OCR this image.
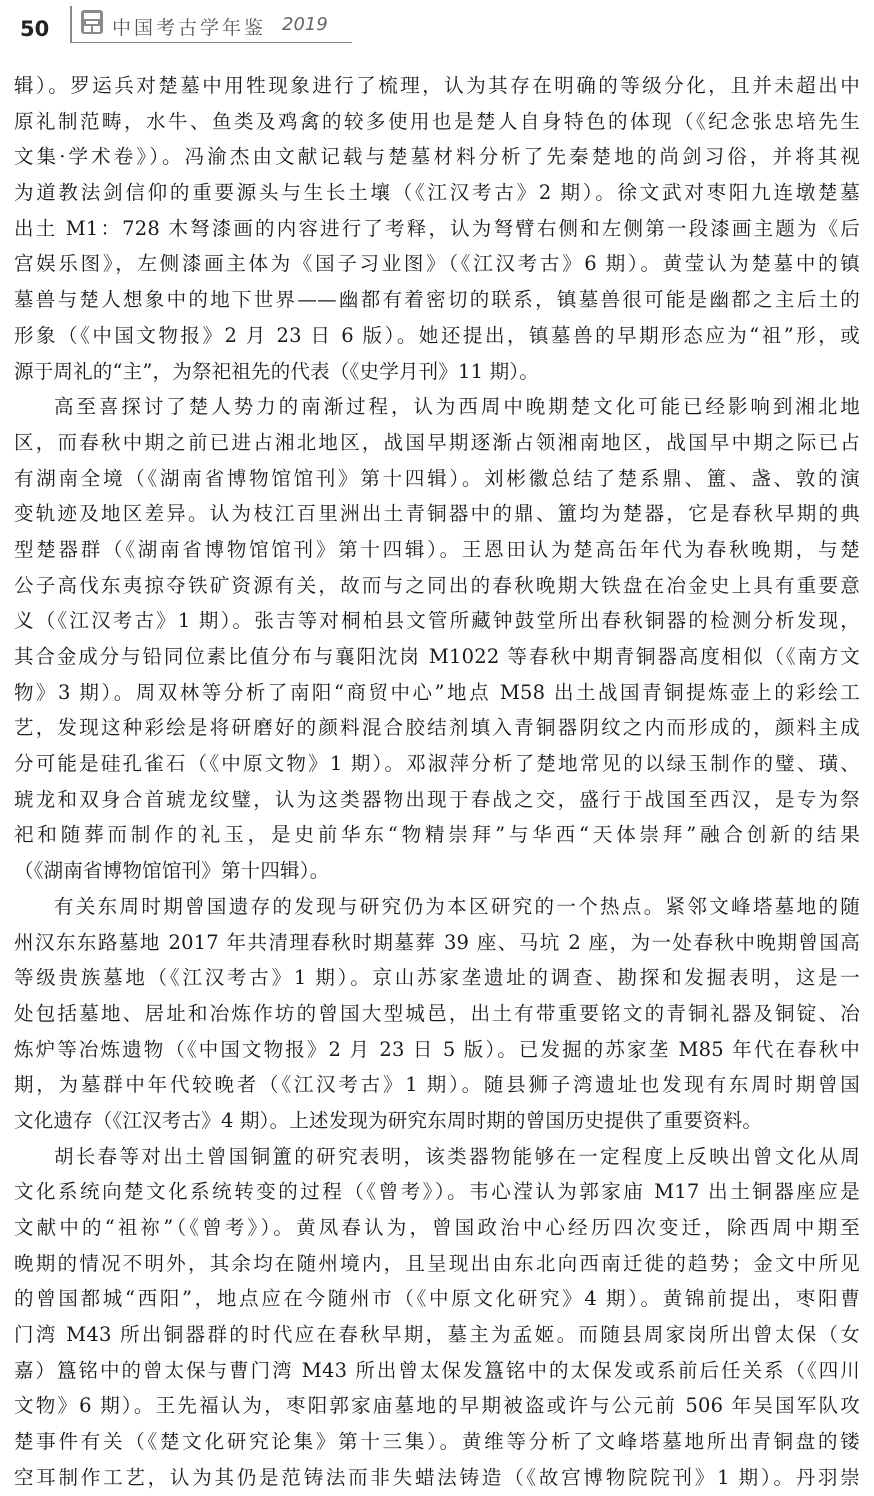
50	中国考古学年鉴 2019
辑）。罗运兵对楚墓中用牲现象进行了梳理，认为其存在明确的等级分化，且并未超出中
原礼制范畴，水牛、鱼类及鸡禽的较多使用也是楚人自身特色的体现（《纪念张忠培先生
文集·学术卷》）。冯渝杰由文献记载与楚墓材料分析了先秦楚地的尚剑习俗，并将其视
为道教法剑信仰的重要源头与生长土壤（《江汉考古》2 期）。徐文武对枣阳九连墩楚墓
出土 M1：728 木弩漆画的内容进行了考释，认为弩臂右侧和左侧第一段漆画主题为《后
宫娱乐图》，左侧漆画主体为《国子习业图》（《江汉考古》6 期）。黄莹认为楚墓中的镇
墓兽与楚人想象中的地下世界——幽都有着密切的联系，镇墓兽很可能是幽都之主后土的
形象（《中国文物报》2 月 23 日 6 版）。她还提出，镇墓兽的早期形态应为“祖”形，或
源于周礼的“主”，为祭祀祖先的代表（《史学月刊》11 期）。
高至喜探讨了楚人势力的南渐过程，认为西周中晚期楚文化可能已经影响到湘北地
区，而春秋中期之前已进占湘北地区，战国早期逐渐占领湘南地区，战国早中期之际已占
有湖南全境（《湖南省博物馆馆刊》第十四辑）。刘彬徽总结了楚系鼎、簠、盏、敦的演
变轨迹及地区差异。认为枝江百里洲出土青铜器中的鼎、簠均为楚器，它是春秋早期的典
型楚器群（《湖南省博物馆馆刊》第十四辑）。王恩田认为楚高缶年代为春秋晚期，与楚
公子高伐东夷掠夺铁矿资源有关，故而与之同出的春秋晚期大铁盘在冶金史上具有重要意
义（《江汉考古》1 期）。张吉等对桐柏县文管所藏钟鼓堂所出春秋铜器的检测分析发现，
其合金成分与铅同位素比值分布与襄阳沈岗 M1022 等春秋中期青铜器高度相似（《南方文
物》3 期）。周双林等分析了南阳“商贸中心”地点 M58 出土战国青铜提炼壶上的彩绘工
艺，发现这种彩绘是将研磨好的颜料混合胶结剂填入青铜器阴纹之内而形成的，颜料主成
分可能是硅孔雀石（《中原文物》1 期）。邓淑萍分析了楚地常见的以绿玉制作的璧、璜、
琥龙和双身合首琥龙纹璧，认为这类器物出现于春战之交，盛行于战国至西汉，是专为祭
祀和随葬而制作的礼玉，是史前华东“物精崇拜”与华西“天体崇拜”融合创新的结果
（《湖南省博物馆馆刊》第十四辑）。
有关东周时期曾国遗存的发现与研究仍为本区研究的一个热点。紧邻文峰塔墓地的随
州汉东东路墓地 2017 年共清理春秋时期墓葬 39 座、马坑 2 座，为一处春秋中晚期曾国高
等级贵族墓地（《江汉考古》1 期）。京山苏家垄遗址的调查、勘探和发掘表明，这是一
处包括墓地、居址和冶炼作坊的曾国大型城邑，出土有带重要铭文的青铜礼器及铜锭、冶
炼炉等冶炼遗物（《中国文物报》2 月 23 日 5 版）。已发掘的苏家垄 M85 年代在春秋中
期，为墓群中年代较晚者（《江汉考古》1 期）。随县狮子湾遗址也发现有东周时期曾国
文化遗存（《江汉考古》4 期）。上述发现为研究东周时期的曾国历史提供了重要资料。
胡长春等对出土曾国铜簠的研究表明，该类器物能够在一定程度上反映出曾文化从周
文化系统向楚文化系统转变的过程（《曾考》）。韦心滢认为郭家庙 M17 出土铜器座应是
文献中的“祖祢”（《曾考》）。黄凤春认为，曾国政治中心经历四次变迁，除西周中期至
晚期的情况不明外，其余均在随州境内，且呈现出由东北向西南迁徙的趋势；金文中所见
的曾国都城“西阳”，地点应在今随州市（《中原文化研究》4 期）。黄锦前提出，枣阳曹
门湾 M43 所出铜器群的时代应在春秋早期，墓主为孟姬。而随县周家岗所出曾太保（女
嘉）簋铭中的曾太保与曹门湾 M43 所出曾太保发簋铭中的太保发或系前后任关系（《四川
文物》6 期）。王先福认为，枣阳郭家庙墓地的早期被盗或许与公元前 506 年吴国军队攻
楚事件有关（《楚文化研究论集》第十三集）。黄维等分析了文峰塔墓地所出青铜盘的镂
空耳制作工艺，认为其仍是范铸法而非失蜡法铸造（《故宫博物院院刊》1 期）。丹羽崇
